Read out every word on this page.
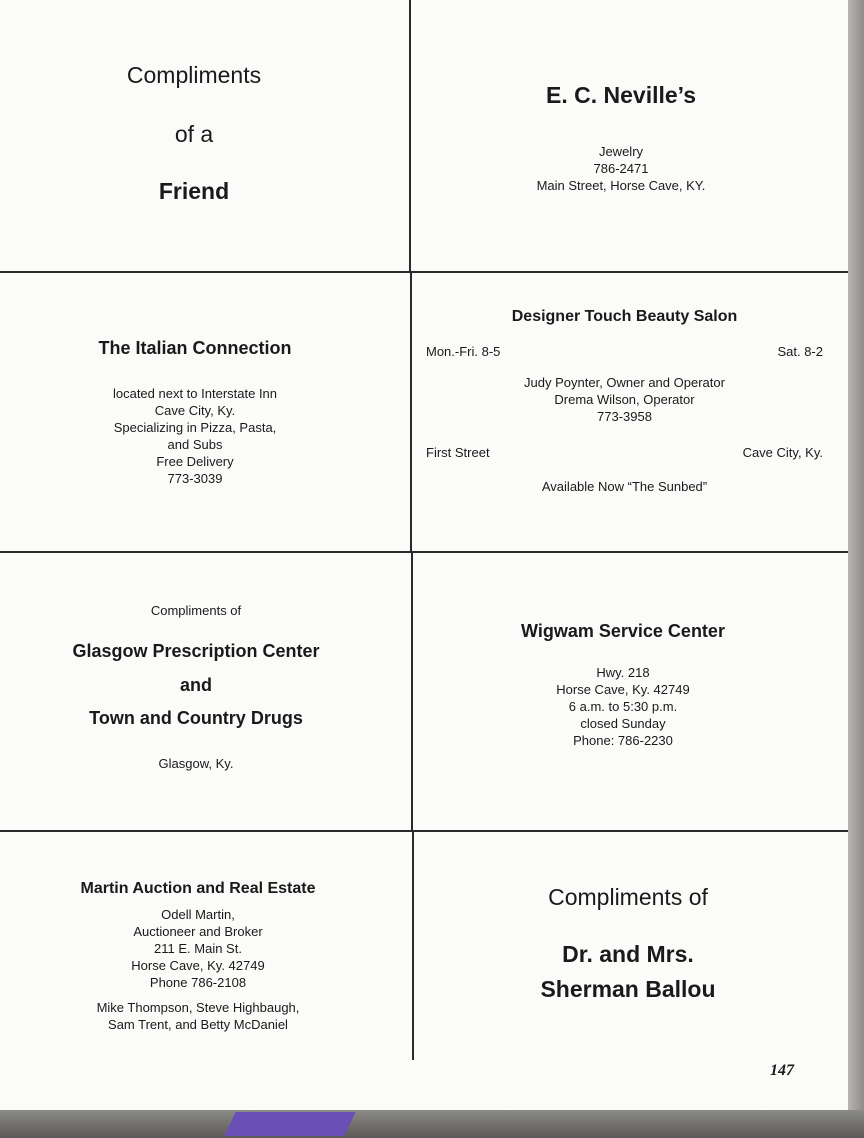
Compliments
of a
Friend
E. C. Neville’s
Jewelry
786-2471
Main Street, Horse Cave, KY.
The Italian Connection
located next to Interstate Inn
Cave City, Ky.
Specializing in Pizza, Pasta,
and Subs
Free Delivery
773-3039
Designer Touch Beauty Salon
Mon.-Fri. 8-5	Sat. 8-2
Judy Poynter, Owner and Operator
Drema Wilson, Operator
773-3958
First Street	Cave City, Ky.
Available Now “The Sunbed”
Compliments of
Glasgow Prescription Center
and
Town and Country Drugs
Glasgow, Ky.
Wigwam Service Center
Hwy. 218
Horse Cave, Ky. 42749
6 a.m. to 5:30 p.m.
closed Sunday
Phone: 786-2230
Martin Auction and Real Estate
Odell Martin,
Auctioneer and Broker
211 E. Main St.
Horse Cave, Ky. 42749
Phone 786-2108
Mike Thompson, Steve Highbaugh,
Sam Trent, and Betty McDaniel
Compliments of
Dr. and Mrs.
Sherman Ballou
147
